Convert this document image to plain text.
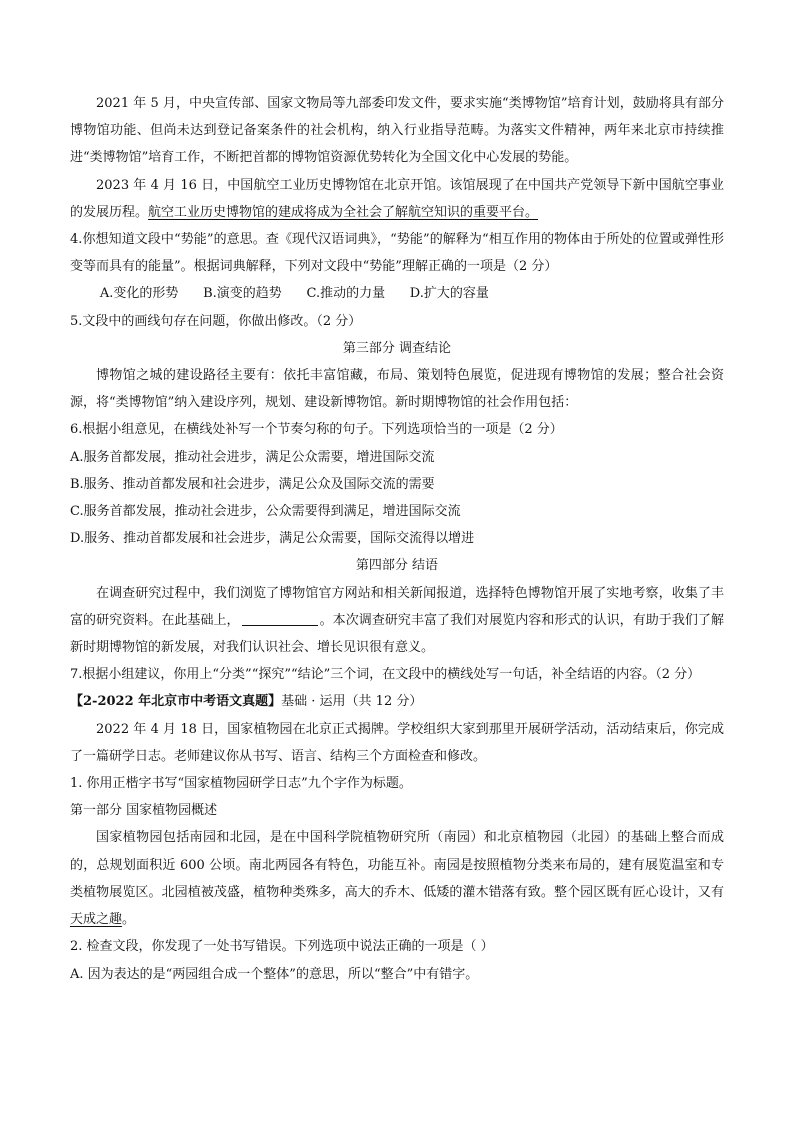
2021 年 5 月，中央宣传部、国家文物局等九部委印发文件，要求实施“类博物馆”培育计划，鼓励将具有部分博物馆功能、但尚未达到登记备案条件的社会机构，纳入行业指导范畴。为落实文件精神，两年来北京市持续推进“类博物馆”培育工作，不断把首都的博物馆资源优势转化为全国文化中心发展的势能。

2023 年 4 月 16 日，中国航空工业历史博物馆在北京开馆。该馆展现了在中国共产党领导下新中国航空事业的发展历程。航空工业历史博物馆的建成将成为全社会了解航空知识的重要平台。

4.你想知道文段中“势能”的意思。查《现代汉语词典》，“势能”的解释为“相互作用的物体由于所处的位置或弹性形变等而具有的能量”。根据词典解释，下列对文段中“势能”理解正确的一项是（2 分）

A.变化的形势 B.演变的趋势 C.推动的力量 D.扩大的容量

5.文段中的画线句存在问题，你做出修改。（2 分）

第三部分 调查结论

博物馆之城的建设路径主要有：依托丰富馆藏，布局、策划特色展览，促进现有博物馆的发展；整合社会资源，将“类博物馆”纳入建设序列，规划、建设新博物馆。新时期博物馆的社会作用包括：

6.根据小组意见，在横线处补写一个节奏匀称的句子。下列选项恰当的一项是（2 分）

A.服务首都发展，推动社会进步，满足公众需要，增进国际交流

B.服务、推动首都发展和社会进步，满足公众及国际交流的需要

C.服务首都发展，推动社会进步，公众需要得到满足，增进国际交流

D.服务、推动首都发展和社会进步，满足公众需要，国际交流得以增进

第四部分 结语

在调查研究过程中，我们浏览了博物馆官方网站和相关新闻报道，选择特色博物馆开展了实地考察，收集了丰富的研究资料。在此基础上，	。本次调查研究丰富了我们对展览内容和形式的认识，有助于我们了解新时期博物馆的新发展，对我们认识社会、增长见识很有意义。

7.根据小组建议，你用上“分类”“探究”“结论”三个词，在文段中的横线处写一句话，补全结语的内容。（2 分）

【2-2022 年北京市中考语文真题】基础 · 运用（共 12 分）

2022 年 4 月 18 日，国家植物园在北京正式揭牌。学校组织大家到那里开展研学活动，活动结束后，你完成了一篇研学日志。老师建议你从书写、语言、结构三个方面检查和修改。

1. 你用正楷字书写“国家植物园研学日志”九个字作为标题。

第一部分 国家植物园概述

国家植物园包括南园和北园，是在中国科学院植物研究所（南园）和北京植物园（北园）的基础上整合而成的，总规划面积近 600 公顷。南北两园各有特色，功能互补。南园是按照植物分类来布局的，建有展览温室和专类植物展览区。北园植被茂盛，植物种类殊多，高大的乔木、低矮的灌木错落有致。整个园区既有匠心设计，又有天成之趣。

2. 检查文段，你发现了一处书写错误。下列选项中说法正确的一项是（ ）

A. 因为表达的是“两园组合成一个整体”的意思，所以“整合”中有错字。
